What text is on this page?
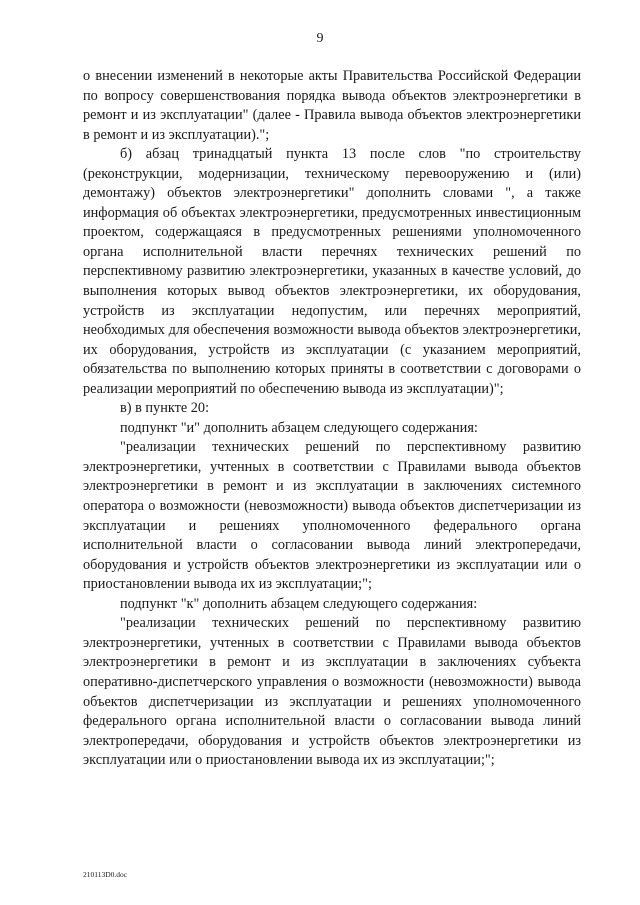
9

о внесении изменений в некоторые акты Правительства Российской Федерации по вопросу совершенствования порядка вывода объектов электроэнергетики в ремонт и из эксплуатации" (далее - Правила вывода объектов электроэнергетики в ремонт и из эксплуатации).";

б) абзац тринадцатый пункта 13 после слов "по строительству (реконструкции, модернизации, техническому перевооружению и (или) демонтажу) объектов электроэнергетики" дополнить словами ", а также информация об объектах электроэнергетики, предусмотренных инвестиционным проектом, содержащаяся в предусмотренных решениями уполномоченного органа исполнительной власти перечнях технических решений по перспективному развитию электроэнергетики, указанных в качестве условий, до выполнения которых вывод объектов электроэнергетики, их оборудования, устройств из эксплуатации недопустим, или перечнях мероприятий, необходимых для обеспечения возможности вывода объектов электроэнергетики, их оборудования, устройств из эксплуатации (с указанием мероприятий, обязательства по выполнению которых приняты в соответствии с договорами о реализации мероприятий по обеспечению вывода из эксплуатации)";

в) в пункте 20:

подпункт "и" дополнить абзацем следующего содержания:

"реализации технических решений по перспективному развитию электроэнергетики, учтенных в соответствии с Правилами вывода объектов электроэнергетики в ремонт и из эксплуатации в заключениях системного оператора о возможности (невозможности) вывода объектов диспетчеризации из эксплуатации и решениях уполномоченного федерального органа исполнительной власти о согласовании вывода линий электропередачи, оборудования и устройств объектов электроэнергетики из эксплуатации или о приостановлении вывода их из эксплуатации;";

подпункт "к" дополнить абзацем следующего содержания:

"реализации технических решений по перспективному развитию электроэнергетики, учтенных в соответствии с Правилами вывода объектов электроэнергетики в ремонт и из эксплуатации в заключениях субъекта оперативно-диспетчерского управления о возможности (невозможности) вывода объектов диспетчеризации из эксплуатации и решениях уполномоченного федерального органа исполнительной власти о согласовании вывода линий электропередачи, оборудования и устройств объектов электроэнергетики из эксплуатации или о приостановлении вывода их из эксплуатации;";

210113D0.doc
